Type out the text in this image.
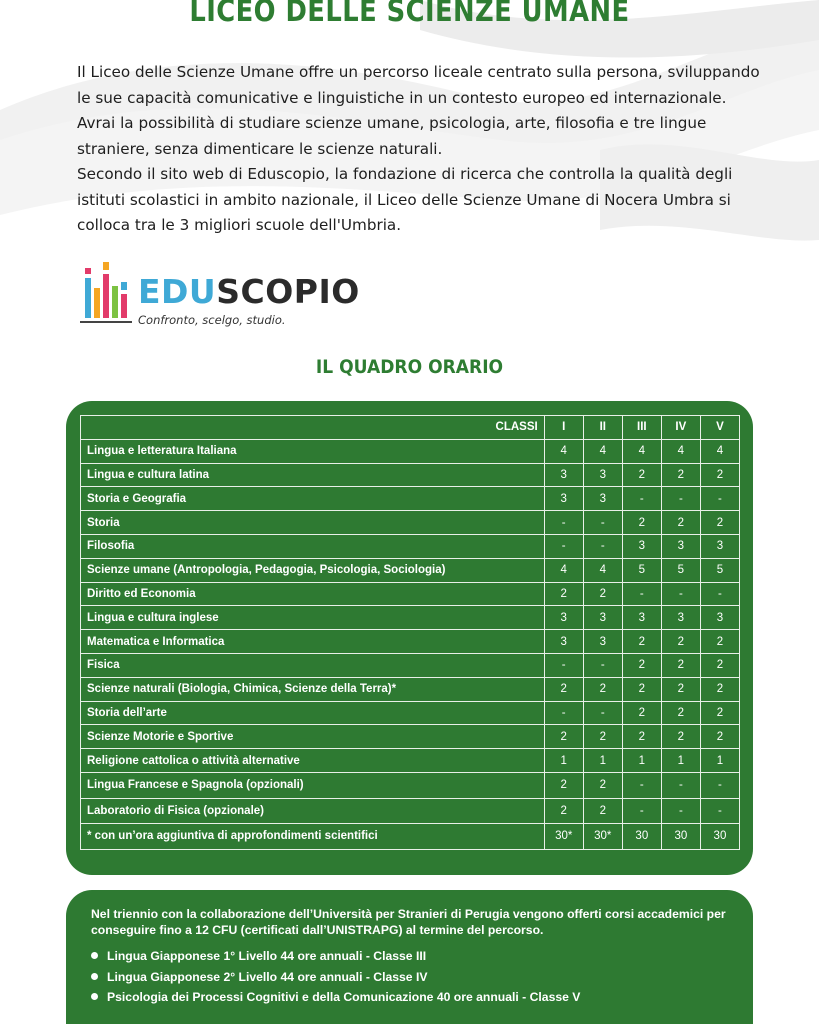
LICEO DELLE SCIENZE UMANE

Il Liceo delle Scienze Umane offre un percorso liceale centrato sulla persona, sviluppando le sue capacità comunicative e linguistiche in un contesto europeo ed internazionale. Avrai la possibilità di studiare scienze umane, psicologia, arte, filosofia e tre lingue straniere, senza dimenticare le scienze naturali.

Secondo il sito web di Eduscopio, la fondazione di ricerca che controlla la qualità degli istituti scolastici in ambito nazionale, il Liceo delle Scienze Umane di Nocera Umbra si colloca tra le 3 migliori scuole dell'Umbria.

EDUSCOPIO
Confronto, scelgo, studio.
IL QUADRO ORARIO
CLASSI	I	II	III	IV	V
Lingua e letteratura Italiana	4	4	4	4	4
Lingua e cultura latina	3	3	2	2	2
Storia e Geografia	3	3	-	-	-
Storia	-	-	2	2	2
Filosofia	-	-	3	3	3
Scienze umane (Antropologia, Pedagogia, Psicologia, Sociologia)	4	4	5	5	5
Diritto ed Economia	2	2	-	-	-
Lingua e cultura inglese	3	3	3	3	3
Matematica e Informatica	3	3	2	2	2
Fisica	-	-	2	2	2
Scienze naturali (Biologia, Chimica, Scienze della Terra)*	2	2	2	2	2
Storia dell’arte	-	-	2	2	2
Scienze Motorie e Sportive	2	2	2	2	2
Religione cattolica o attività alternative	1	1	1	1	1
Lingua Francese e Spagnola (opzionali)	2	2	-	-	-
Laboratorio di Fisica (opzionale)	2	2	-	-	-
* con un’ora aggiuntiva di approfondimenti scientifici	30*	30*	30	30	30
Nel triennio con la collaborazione dell’Università per Stranieri di Perugia vengono offerti corsi accademici per conseguire fino a 12 CFU (certificati dall’UNISTRAPG) al termine del percorso.
Lingua Giapponese 1° Livello 44 ore annuali - Classe III
Lingua Giapponese 2° Livello 44 ore annuali - Classe IV
Psicologia dei Processi Cognitivi e della Comunicazione 40 ore annuali - Classe V
